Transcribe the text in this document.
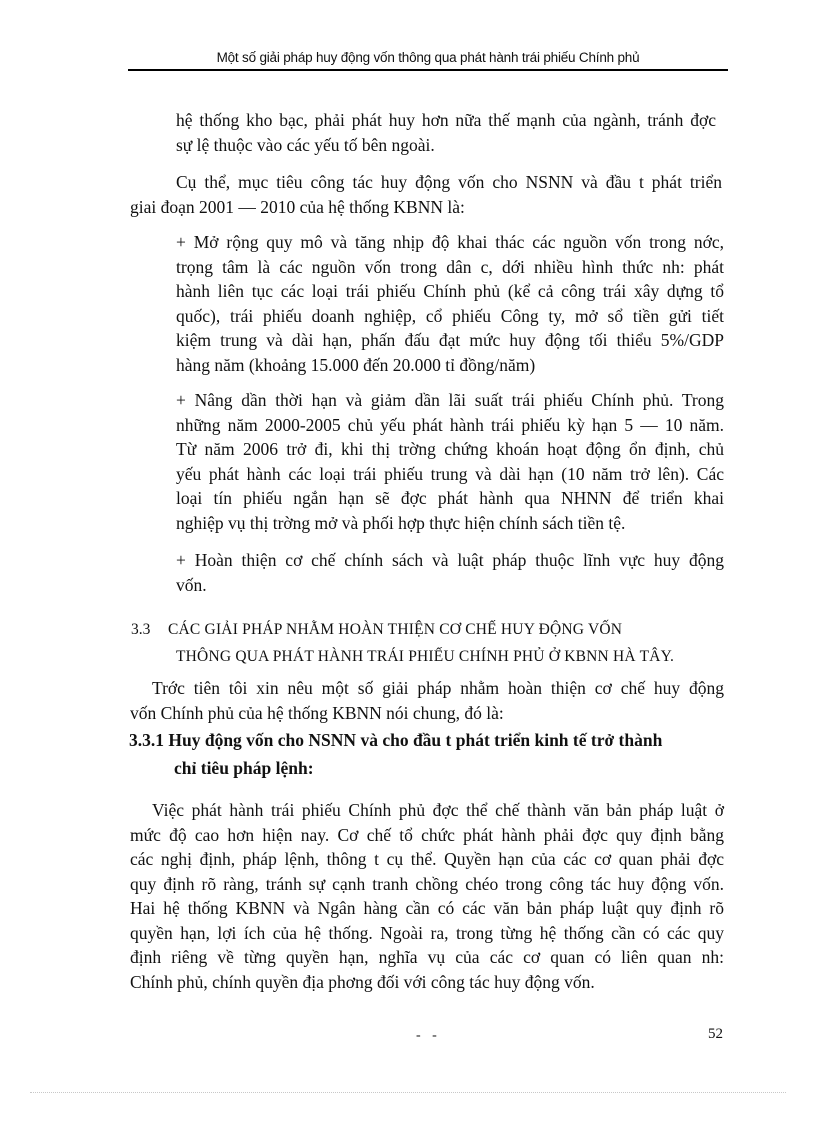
Một số giải pháp huy động vốn thông qua phát hành trái phiếu Chính phủ
hệ thống kho bạc, phải phát huy hơn nữa thế mạnh của ngành, tránh đợc
sự lệ thuộc vào các yếu tố bên ngoài.
Cụ thể, mục tiêu công tác huy động vốn cho NSNN và đầu t phát triển
giai đoạn 2001 — 2010 của hệ thống KBNN là:
+ Mở rộng quy mô và tăng nhịp độ khai thác các nguồn vốn trong nớc,
trọng tâm là các nguồn vốn trong dân c, dới nhiều hình thức nh: phát
hành liên tục các loại trái phiếu Chính phủ (kể cả công trái xây dựng tổ
quốc), trái phiếu doanh nghiệp, cổ phiếu Công ty, mở sổ tiền gửi tiết
kiệm trung và dài hạn, phấn đấu đạt mức huy động tối thiểu 5%/GDP
hàng năm (khoảng 15.000 đến 20.000 tỉ đồng/năm)
+ Nâng dần thời hạn và giảm dần lãi suất trái phiếu Chính phủ. Trong
những năm 2000-2005 chủ yếu phát hành trái phiếu kỳ hạn 5 — 10 năm.
Từ năm 2006 trở đi, khi thị trờng chứng khoán hoạt động ổn định, chủ
yếu phát hành các loại trái phiếu trung và dài hạn (10 năm trở lên). Các
loại tín phiếu ngắn hạn sẽ đợc phát hành qua NHNN để triển khai
nghiệp vụ thị trờng mở và phối hợp thực hiện chính sách tiền tệ.
+ Hoàn thiện cơ chế chính sách và luật pháp thuộc lĩnh vực huy động
vốn.
3.3 CÁC GIẢI PHÁP NHẰM HOÀN THIỆN CƠ CHẾ HUY ĐỘNG VỐN
THÔNG QUA PHÁT HÀNH TRÁI PHIẾU CHÍNH PHỦ Ở KBNN HÀ TÂY.
Trớc tiên tôi xin nêu một số giải pháp nhằm hoàn thiện cơ chế huy động
vốn Chính phủ của hệ thống KBNN nói chung, đó là:
3.3.1 Huy động vốn cho NSNN và cho đầu t phát triển kinh tế trở thành
chỉ tiêu pháp lệnh:
Việc phát hành trái phiếu Chính phủ đợc thể chế thành văn bản pháp luật ở
mức độ cao hơn hiện nay. Cơ chế tổ chức phát hành phải đợc quy định bằng
các nghị định, pháp lệnh, thông t cụ thể. Quyền hạn của các cơ quan phải đợc
quy định rõ ràng, tránh sự cạnh tranh chồng chéo trong công tác huy động vốn.
Hai hệ thống KBNN và Ngân hàng cần có các văn bản pháp luật quy định rõ
quyền hạn, lợi ích của hệ thống. Ngoài ra, trong từng hệ thống cần có các quy
định riêng về từng quyền hạn, nghĩa vụ của các cơ quan có liên quan nh:
Chính phủ, chính quyền địa phơng đối với công tác huy động vốn.
- -	52
